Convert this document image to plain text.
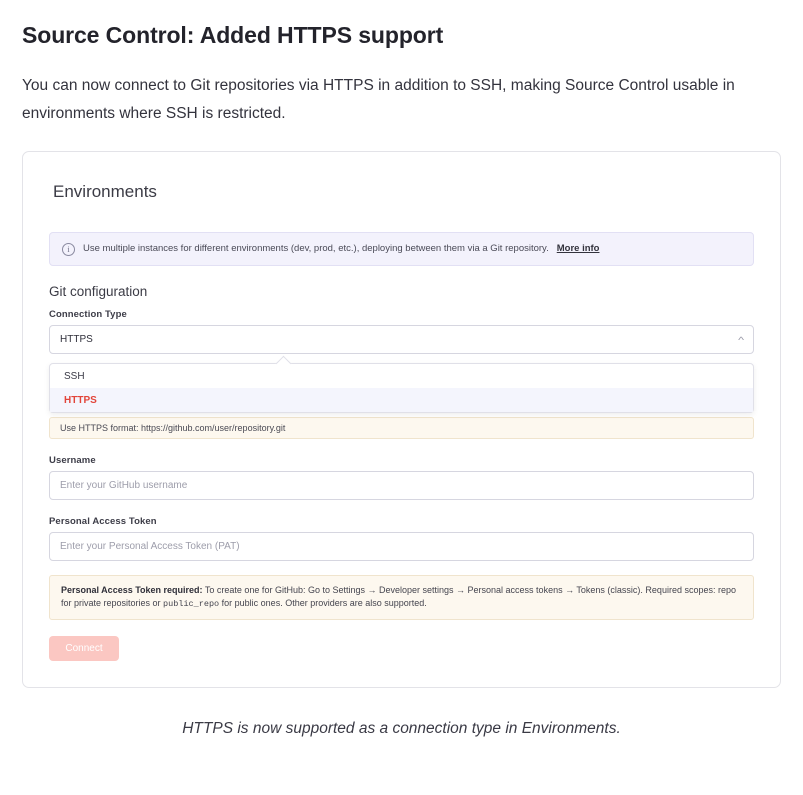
Source Control: Added HTTPS support

You can now connect to Git repositories via HTTPS in addition to SSH, making Source Control usable in environments where SSH is restricted.

Environments
i	Use multiple instances for different environments (dev, prod, etc.), deploying between them via a Git repository. More info
Git configuration
Connection Type
HTTPS	^
SSH
HTTPS
Use HTTPS format: https://github.com/user/repository.git
Username
Enter your GitHub username
Personal Access Token
Enter your Personal Access Token (PAT)
Personal Access Token required: To create one for GitHub: Go to Settings → Developer settings → Personal access tokens → Tokens (classic). Required scopes: repo for private repositories or public_repo for public ones. Other providers are also supported.
Connect
HTTPS is now supported as a connection type in Environments.
